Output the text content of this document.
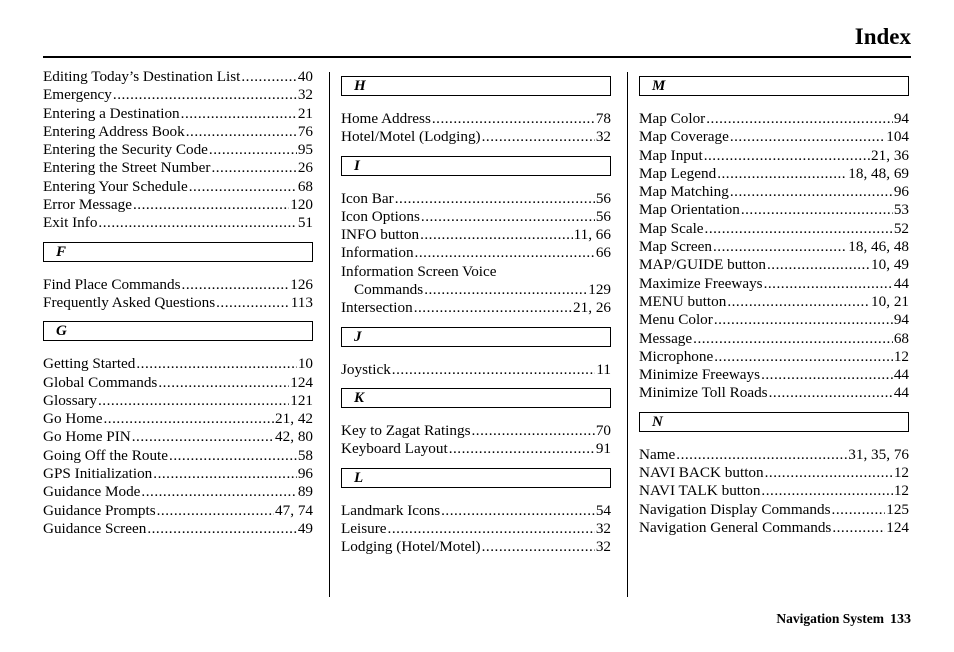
Index
Editing Today’s Destination List .....	40
Emergency .....	32
Entering a Destination .....	21
Entering Address Book .....	76
Entering the Security Code .....	95
Entering the Street Number .....	26
Entering Your Schedule .....	68
Error Message .....	120
Exit Info .....	51
F
Find Place Commands .....	126
Frequently Asked Questions .....	113
G
Getting Started .....	10
Global Commands .....	124
Glossary .....	121
Go Home .....	21, 42
Go Home PIN .....	42, 80
Going Off the Route .....	58
GPS Initialization .....	96
Guidance Mode .....	89
Guidance Prompts .....	47, 74
Guidance Screen .....	49
H
Home Address .....	78
Hotel/Motel (Lodging) .....	32
I
Icon Bar .....	56
Icon Options .....	56
INFO button .....	11, 66
Information .....	66
Information Screen Voice
Commands .....	129
Intersection .....	21, 26
J
Joystick .....	11
K
Key to Zagat Ratings .....	70
Keyboard Layout .....	91
L
Landmark Icons .....	54
Leisure .....	32
Lodging (Hotel/Motel) .....	32
M
Map Color .....	94
Map Coverage .....	104
Map Input .....	21, 36
Map Legend .....	18, 48, 69
Map Matching .....	96
Map Orientation .....	53
Map Scale .....	52
Map Screen .....	18, 46, 48
MAP/GUIDE button .....	10, 49
Maximize Freeways .....	44
MENU button .....	10, 21
Menu Color .....	94
Message .....	68
Microphone .....	12
Minimize Freeways .....	44
Minimize Toll Roads .....	44
N
Name .....	31, 35, 76
NAVI BACK button .....	12
NAVI TALK button .....	12
Navigation Display Commands .....	125
Navigation General Commands .....	124
Navigation System 133
